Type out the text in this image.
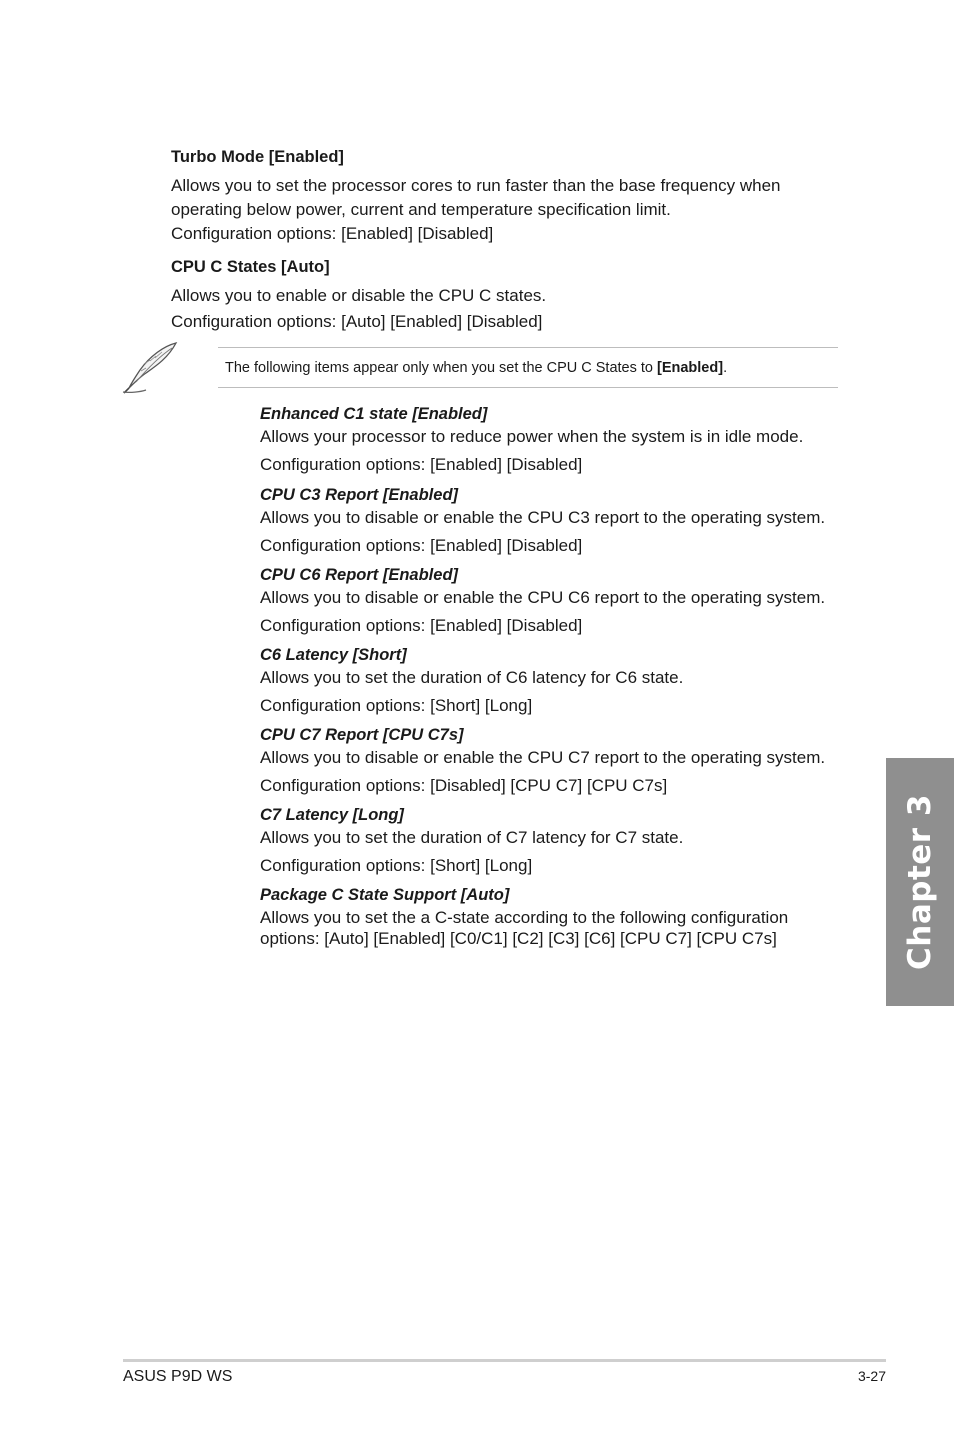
Turbo Mode [Enabled]
Allows you to set the processor cores to run faster than the base frequency when
operating below power, current and temperature specification limit.
Configuration options: [Enabled] [Disabled]
CPU C States [Auto]
Allows you to enable or disable the CPU C states.
Configuration options: [Auto] [Enabled] [Disabled]
The following items appear only when you set the CPU C States to [Enabled].

Enhanced C1 state [Enabled]

Allows your processor to reduce power when the system is in idle mode.

Configuration options: [Enabled] [Disabled]

CPU C3 Report [Enabled]

Allows you to disable or enable the CPU C3 report to the operating system.

Configuration options: [Enabled] [Disabled]

CPU C6 Report [Enabled]

Allows you to disable or enable the CPU C6 report to the operating system.

Configuration options: [Enabled] [Disabled]

C6 Latency [Short]

Allows you to set the duration of C6 latency for C6 state.

Configuration options: [Short] [Long]

CPU C7 Report [CPU C7s]

Allows you to disable or enable the CPU C7 report to the operating system.

Configuration options: [Disabled] [CPU C7] [CPU C7s]

C7 Latency [Long]

Allows you to set the duration of C7 latency for C7 state.

Configuration options: [Short] [Long]

Package C State Support [Auto]

Allows you to set the a C-state according to the following configuration

options: [Auto] [Enabled] [C0/C1] [C2] [C3] [C6] [CPU C7] [CPU C7s]	Chapter 3
ASUS P9D WS	3-27
